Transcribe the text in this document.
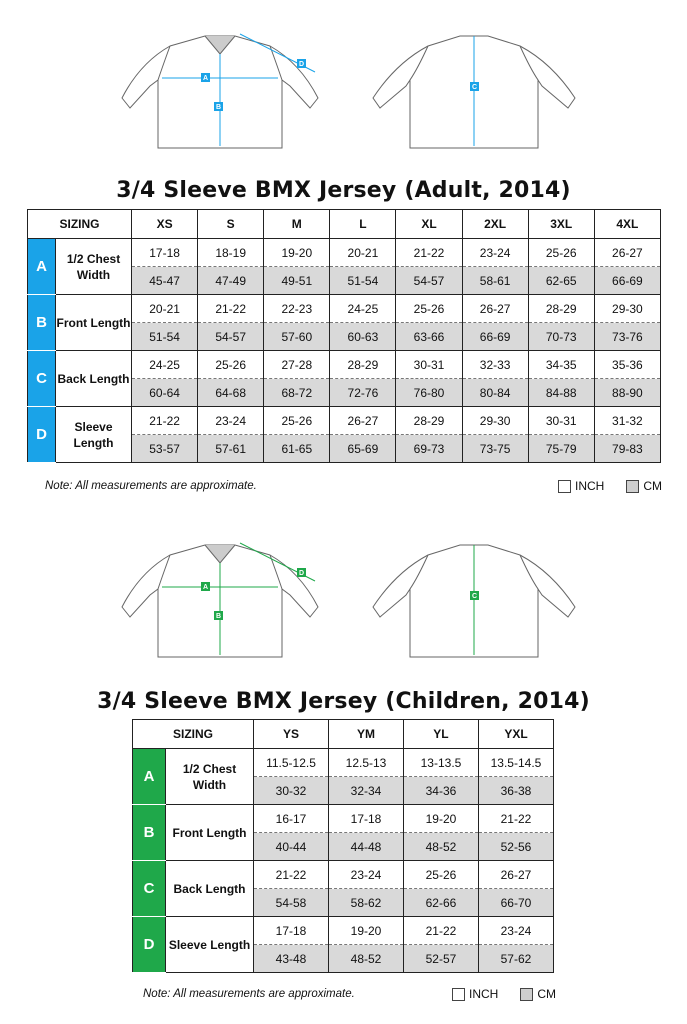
A
B
D
C
3/4 Sleeve BMX Jersey (Adult, 2014)
SIZING		XS	S	M	L	XL	2XL	3XL	4XL
A	1/2 Chest Width	17-18	18-19	19-20	20-21	21-22	23-24	25-26	26-27
		45-47	47-49	49-51	51-54	54-57	58-61	62-65	66-69
B	Front Length	20-21	21-22	22-23	24-25	25-26	26-27	28-29	29-30
		51-54	54-57	57-60	60-63	63-66	66-69	70-73	73-76
C	Back Length	24-25	25-26	27-28	28-29	30-31	32-33	34-35	35-36
		60-64	64-68	68-72	72-76	76-80	80-84	84-88	88-90
D	Sleeve Length	21-22	23-24	25-26	26-27	28-29	29-30	30-31	31-32
		53-57	57-61	61-65	65-69	69-73	73-75	75-79	79-83
Note: All measurements are approximate.	INCH	CM
A
B
D
C
3/4 Sleeve BMX Jersey (Children, 2014)
SIZING		YS	YM	YL	YXL
A	1/2 Chest Width	11.5-12.5	12.5-13	13-13.5	13.5-14.5
		30-32	32-34	34-36	36-38
B	Front Length	16-17	17-18	19-20	21-22
		40-44	44-48	48-52	52-56
C	Back Length	21-22	23-24	25-26	26-27
		54-58	58-62	62-66	66-70
D	Sleeve Length	17-18	19-20	21-22	23-24
		43-48	48-52	52-57	57-62
Note: All measurements are approximate.	INCH	CM
